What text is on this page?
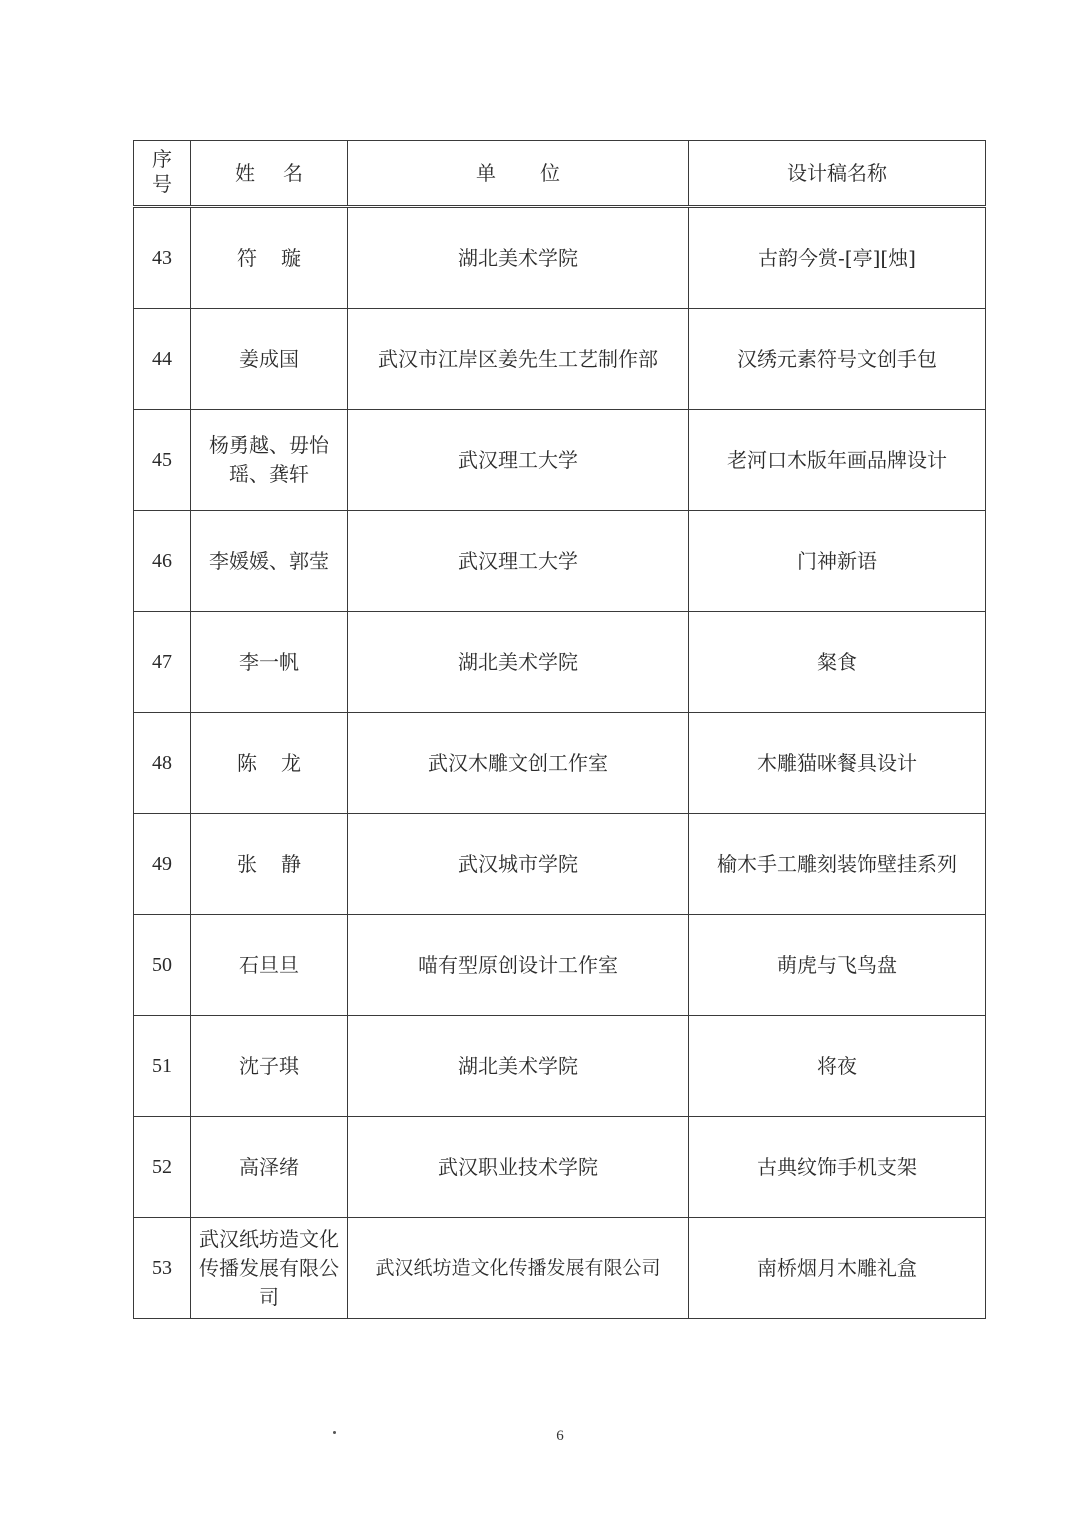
序号	姓名	单位	设计稿名称
43	符璇	湖北美术学院	古韵今赏-[亭][烛]
44	姜成国	武汉市江岸区姜先生工艺制作部	汉绣元素符号文创手包
45	杨勇越、毋怡瑶、龚轩	武汉理工大学	老河口木版年画品牌设计
46	李媛媛、郭莹	武汉理工大学	门神新语
47	李一帆	湖北美术学院	粲食
48	陈龙	武汉木雕文创工作室	木雕猫咪餐具设计
49	张静	武汉城市学院	榆木手工雕刻装饰壁挂系列
50	石旦旦	喵有型原创设计工作室	萌虎与飞鸟盘
51	沈子琪	湖北美术学院	将夜
52	高泽绪	武汉职业技术学院	古典纹饰手机支架
53	武汉纸坊造文化传播发展有限公司	武汉纸坊造文化传播发展有限公司	南桥烟月木雕礼盒
6
